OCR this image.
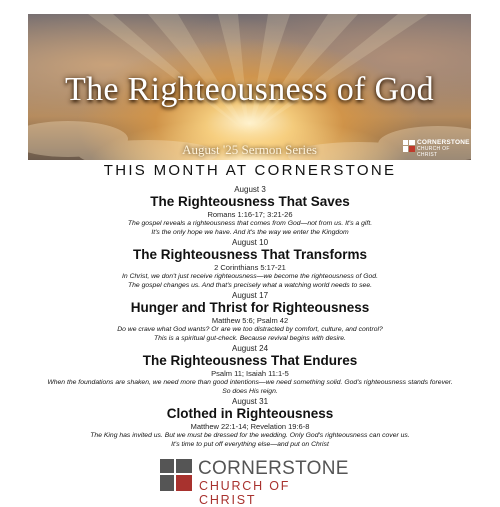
The Righteousness of God
August '25 Sermon Series	CORNERSTONE
CHURCH OF CHRIST
THIS MONTH AT CORNERSTONE
August 3
The Righteousness That Saves
Romans 1:16-17; 3:21-26
The gospel reveals a righteousness that comes from God—not from us. It's a gift.
It's the only hope we have. And it's the way we enter the Kingdom
August 10
The Righteousness That Transforms
2 Corinthians 5:17-21
In Christ, we don't just receive righteousness—we become the righteousness of God.
The gospel changes us. And that's precisely what a watching world needs to see.
August 17
Hunger and Thrist for Righteousness
Matthew 5:6; Psalm 42
Do we crave what God wants? Or are we too distracted by comfort, culture, and control?
This is a spiritual gut-check. Because revival begins with desire.
August 24
The Righteousness That Endures
Psalm 11; Isaiah 11:1-5
When the foundations are shaken, we need more than good intentions—we need something solid. God's righteousness stands forever.
So does His reign.
August 31
Clothed in Righteousness
Matthew 22:1-14; Revelation 19:6-8
The King has invited us. But we must be dressed for the wedding. Only God's righteousness can cover us.
It's time to put off everything else—and put on Christ
CORNERSTONE
CHURCH OF CHRIST
